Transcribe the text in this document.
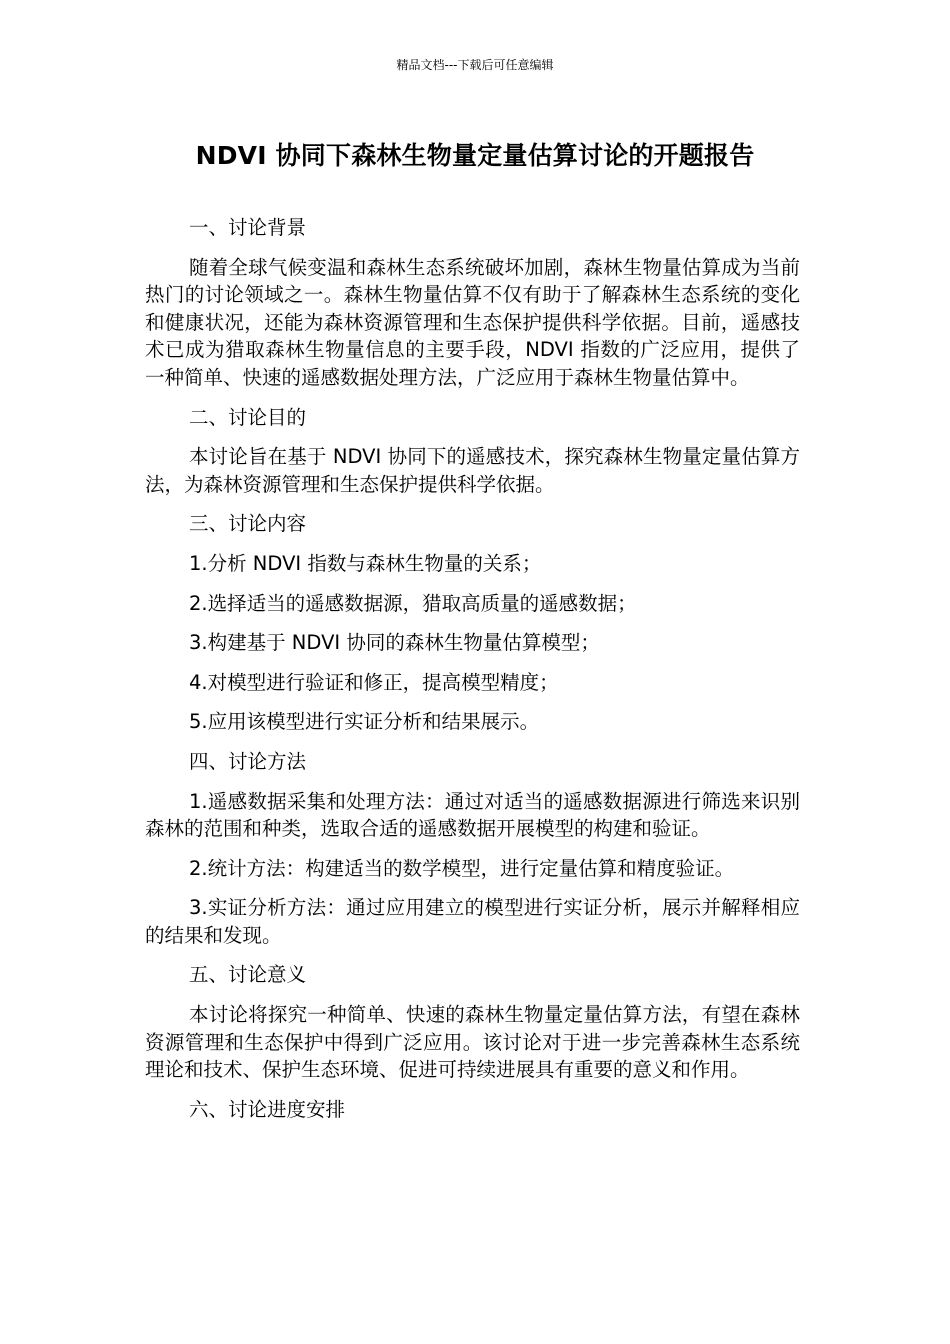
精品文档---下载后可任意编辑
NDVI 协同下森林生物量定量估算讨论的开题报告

一、讨论背景

随着全球气候变温和森林生态系统破坏加剧，森林生物量估算成为当前热门的讨论领域之一。森林生物量估算不仅有助于了解森林生态系统的变化和健康状况，还能为森林资源管理和生态保护提供科学依据。目前，遥感技术已成为猎取森林生物量信息的主要手段，NDVI 指数的广泛应用，提供了一种简单、快速的遥感数据处理方法，广泛应用于森林生物量估算中。

二、讨论目的

本讨论旨在基于 NDVI 协同下的遥感技术，探究森林生物量定量估算方法，为森林资源管理和生态保护提供科学依据。

三、讨论内容

1.分析 NDVI 指数与森林生物量的关系；

2.选择适当的遥感数据源，猎取高质量的遥感数据；

3.构建基于 NDVI 协同的森林生物量估算模型；

4.对模型进行验证和修正，提高模型精度；

5.应用该模型进行实证分析和结果展示。

四、讨论方法

1.遥感数据采集和处理方法：通过对适当的遥感数据源进行筛选来识别森林的范围和种类，选取合适的遥感数据开展模型的构建和验证。

2.统计方法：构建适当的数学模型，进行定量估算和精度验证。

3.实证分析方法：通过应用建立的模型进行实证分析，展示并解释相应的结果和发现。

五、讨论意义

本讨论将探究一种简单、快速的森林生物量定量估算方法，有望在森林资源管理和生态保护中得到广泛应用。该讨论对于进一步完善森林生态系统理论和技术、保护生态环境、促进可持续进展具有重要的意义和作用。

六、讨论进度安排
